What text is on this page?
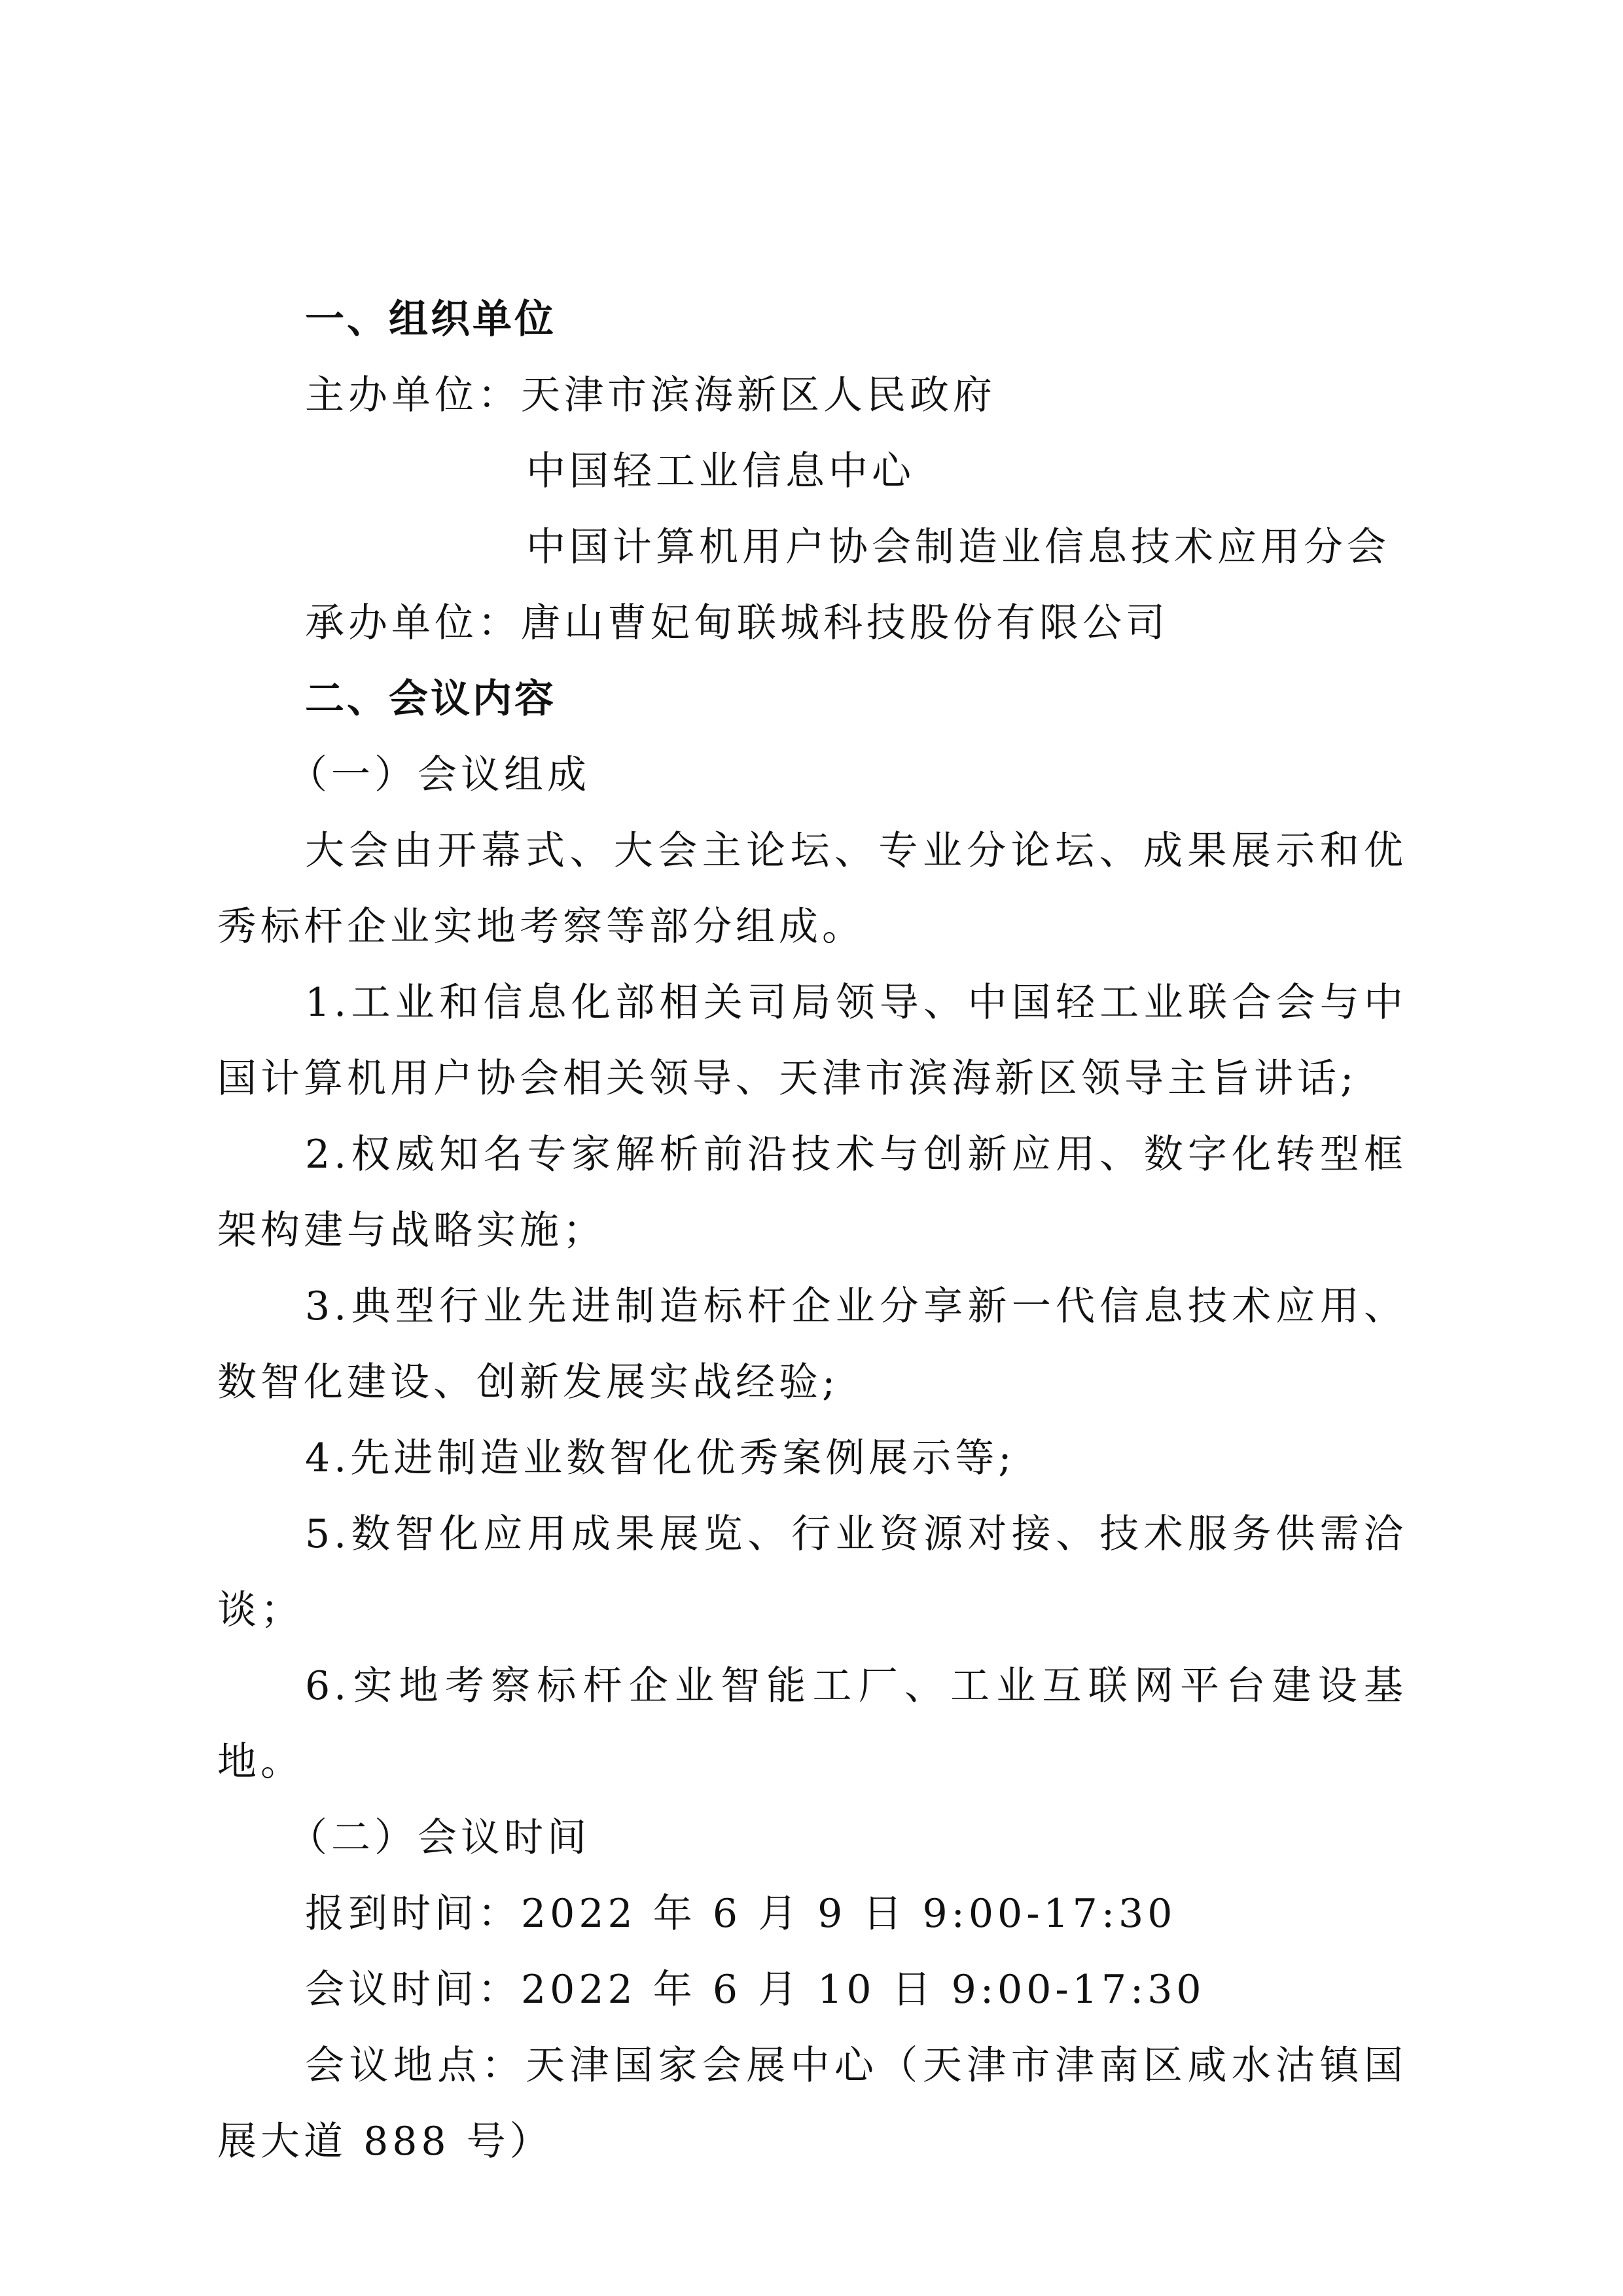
一、组织单位
主办单位：天津市滨海新区人民政府
中国轻工业信息中心
中国计算机用户协会制造业信息技术应用分会
承办单位：唐山曹妃甸联城科技股份有限公司
二、会议内容
（一）会议组成
大会由开幕式、大会主论坛、专业分论坛、成果展示和优秀标杆企业实地考察等部分组成。
1.工业和信息化部相关司局领导、中国轻工业联合会与中国计算机用户协会相关领导、天津市滨海新区领导主旨讲话;
2.权威知名专家解析前沿技术与创新应用、数字化转型框架构建与战略实施；
3.典型行业先进制造标杆企业分享新一代信息技术应用、数智化建设、创新发展实战经验;
4.先进制造业数智化优秀案例展示等;
5.数智化应用成果展览、行业资源对接、技术服务供需洽谈；
6.实地考察标杆企业智能工厂、工业互联网平台建设基地。
（二）会议时间
报到时间：2022 年 6 月 9 日 9:00-17:30
会议时间：2022 年 6 月 10 日 9:00-17:30
会议地点：天津国家会展中心（天津市津南区咸水沽镇国展大道 888 号）
